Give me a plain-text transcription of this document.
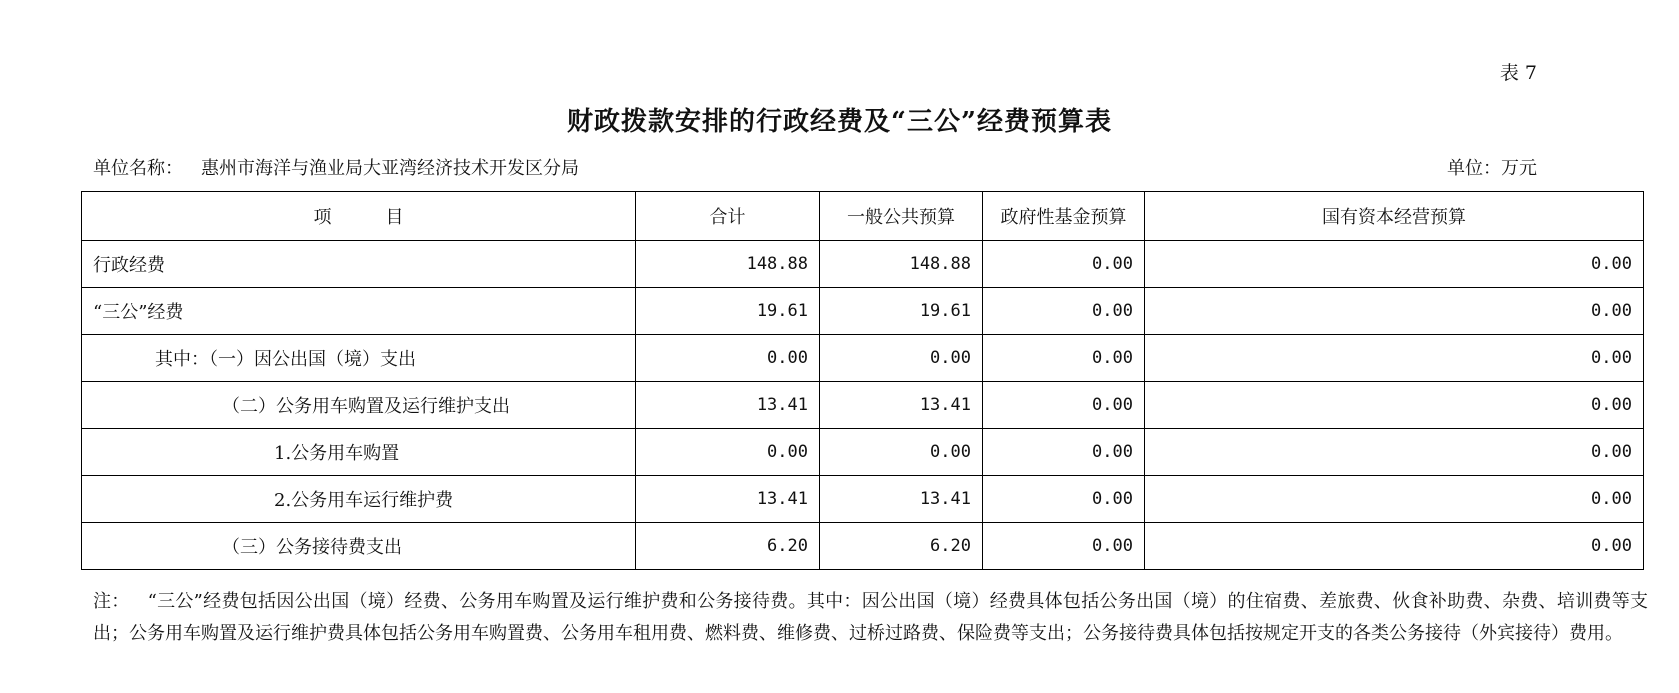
表 7
财政拨款安排的行政经费及“三公”经费预算表
单位名称： 惠州市海洋与渔业局大亚湾经济技术开发区分局	单位：万元
项　　　目	合计	一般公共预算	政府性基金预算	国有资本经营预算
行政经费	148.88	148.88	0.00	0.00
“三公”经费	19.61	19.61	0.00	0.00
其中：（一）因公出国（境）支出	0.00	0.00	0.00	0.00
（二）公务用车购置及运行维护支出	13.41	13.41	0.00	0.00
1.公务用车购置	0.00	0.00	0.00	0.00
2.公务用车运行维护费	13.41	13.41	0.00	0.00
（三）公务接待费支出	6.20	6.20	0.00	0.00
注： “三公”经费包括因公出国（境）经费、公务用车购置及运行维护费和公务接待费。其中：因公出国（境）经费具体包括公务出国（境）的住宿费、差旅费、伙食补助费、杂费、培训费等支出；公务用车购置及运行维护费具体包括公务用车购置费、公务用车租用费、燃料费、维修费、过桥过路费、保险费等支出；公务接待费具体包括按规定开支的各类公务接待（外宾接待）费用。
